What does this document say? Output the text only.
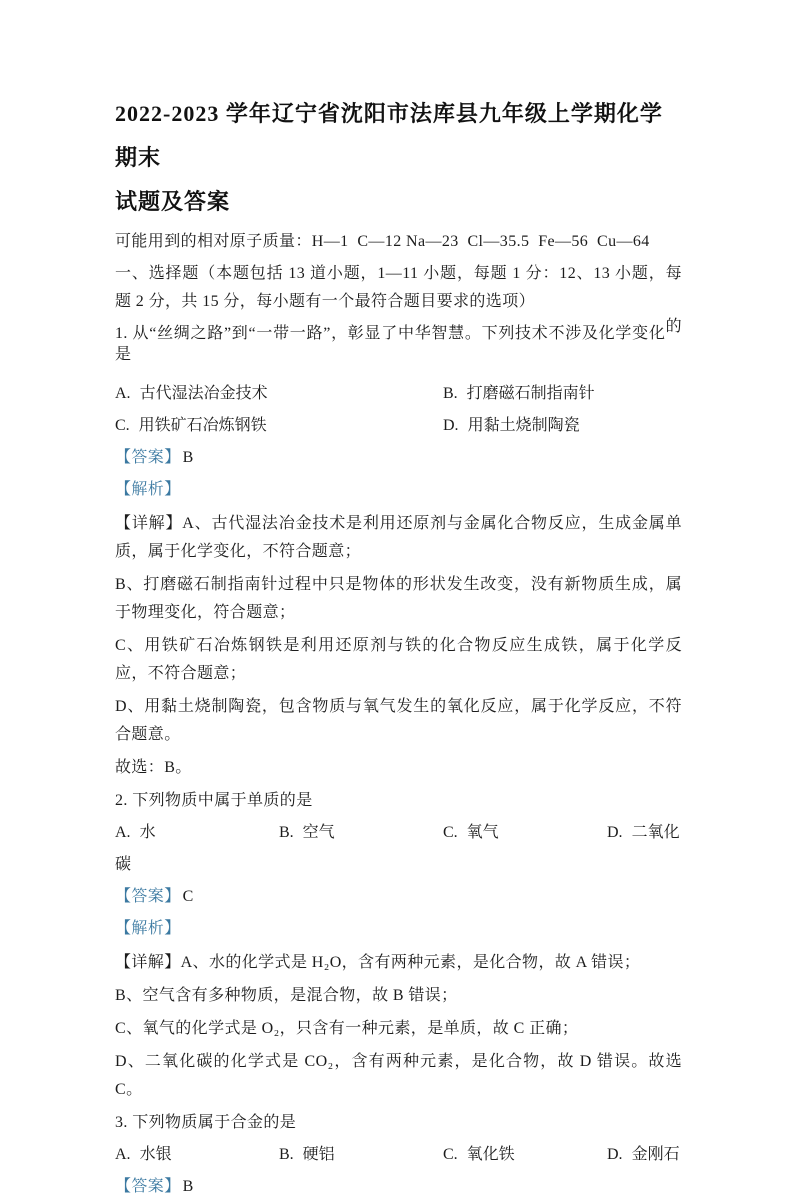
2022-2023 学年辽宁省沈阳市法库县九年级上学期化学期末
试题及答案

可能用到的相对原子质量：H—1  C—12 Na—23  Cl—35.5  Fe—56  Cu—64

一、选择题（本题包括 13 道小题，1—11 小题，每题 1 分：12、13 小题，每题 2 分，共 15 分，每小题有一个最符合题目要求的选项）

1. 从“丝绸之路”到“一带一路”，彰显了中华智慧。下列技术不涉及化学变化的是

A. 古代湿法冶金技术	B. 打磨磁石制指南针
C. 用铁矿石冶炼钢铁	D. 用黏土烧制陶瓷

【答案】 B

【解析】

【详解】A、古代湿法冶金技术是利用还原剂与金属化合物反应，生成金属单质，属于化学变化，不符合题意；

B、打磨磁石制指南针过程中只是物体的形状发生改变，没有新物质生成，属于物理变化，符合题意；

C、用铁矿石冶炼钢铁是利用还原剂与铁的化合物反应生成铁，属于化学反应，不符合题意；

D、用黏土烧制陶瓷，包含物质与氧气发生的氧化反应，属于化学反应，不符合题意。

故选：B。

2. 下列物质中属于单质的是

A. 水	B. 空气	C. 氧气	D. 二氧化
碳

【答案】 C

【解析】

【详解】A、水的化学式是 H₂O，含有两种元素，是化合物，故 A 错误；

B、空气含有多种物质，是混合物，故 B 错误；

C、氧气的化学式是 O₂，只含有一种元素，是单质，故 C 正确；

D、二氧化碳的化学式是 CO₂，含有两种元素，是化合物，故 D 错误。故选 C。

3. 下列物质属于合金的是

A. 水银	B. 硬铝	C. 氧化铁	D. 金刚石

【答案】 B
